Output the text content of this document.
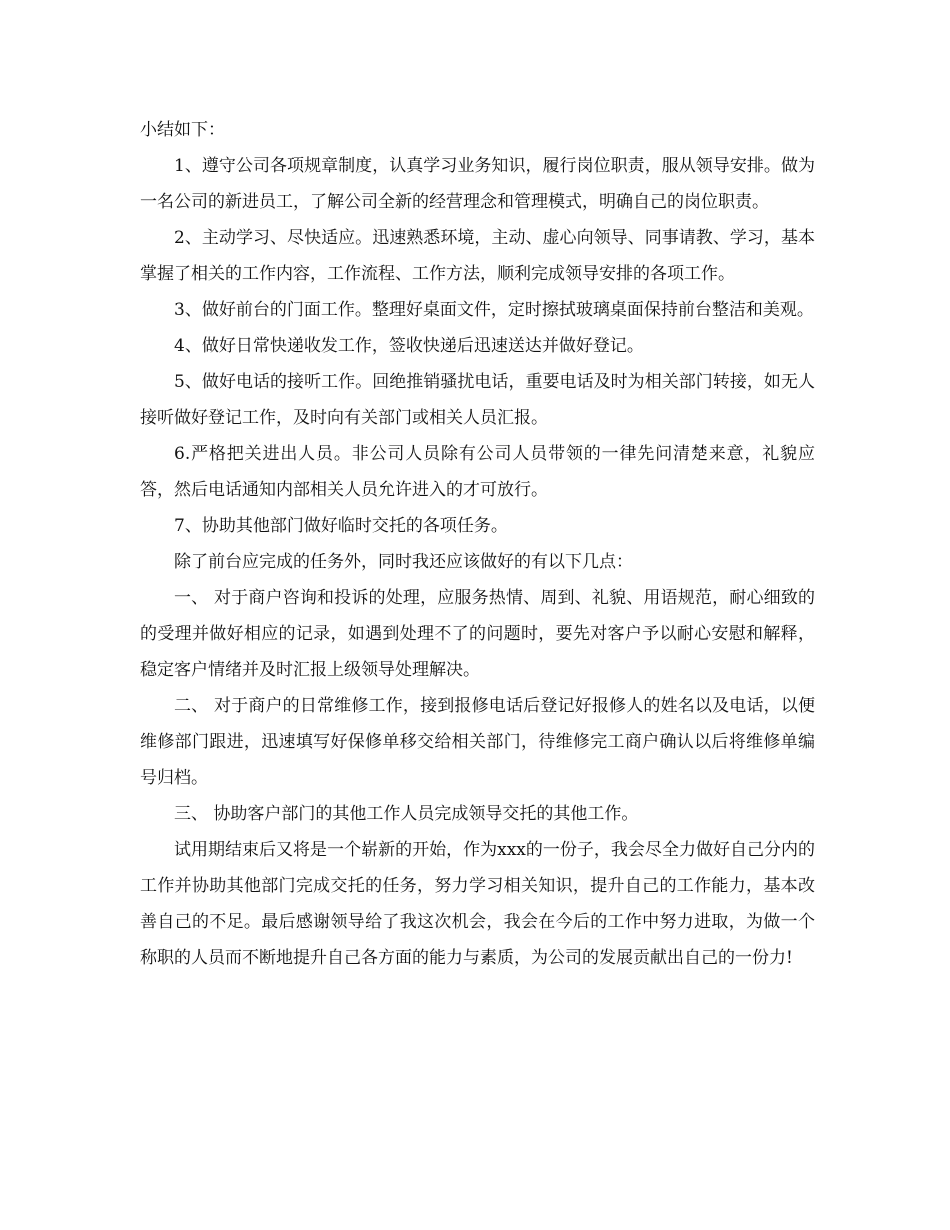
小结如下：

1、遵守公司各项规章制度，认真学习业务知识，履行岗位职责，服从领导安排。做为一名公司的新进员工，了解公司全新的经营理念和管理模式，明确自己的岗位职责。

2、主动学习、尽快适应。迅速熟悉环境，主动、虚心向领导、同事请教、学习，基本掌握了相关的工作内容，工作流程、工作方法，顺利完成领导安排的各项工作。

3、做好前台的门面工作。整理好桌面文件，定时擦拭玻璃桌面保持前台整洁和美观。

4、做好日常快递收发工作，签收快递后迅速送达并做好登记。

5、做好电话的接听工作。回绝推销骚扰电话，重要电话及时为相关部门转接，如无人接听做好登记工作，及时向有关部门或相关人员汇报。

6.严格把关进出人员。非公司人员除有公司人员带领的一律先问清楚来意，礼貌应答，然后电话通知内部相关人员允许进入的才可放行。

7、协助其他部门做好临时交托的各项任务。

除了前台应完成的任务外，同时我还应该做好的有以下几点：

一、 对于商户咨询和投诉的处理，应服务热情、周到、礼貌、用语规范，耐心细致的的受理并做好相应的记录，如遇到处理不了的问题时，要先对客户予以耐心安慰和解释，稳定客户情绪并及时汇报上级领导处理解决。

二、 对于商户的日常维修工作，接到报修电话后登记好报修人的姓名以及电话，以便维修部门跟进，迅速填写好保修单移交给相关部门，待维修完工商户确认以后将维修单编号归档。

三、 协助客户部门的其他工作人员完成领导交托的其他工作。

试用期结束后又将是一个崭新的开始，作为xxx的一份子，我会尽全力做好自己分内的工作并协助其他部门完成交托的任务，努力学习相关知识，提升自己的工作能力，基本改善自己的不足。最后感谢领导给了我这次机会，我会在今后的工作中努力进取，为做一个称职的人员而不断地提升自己各方面的能力与素质，为公司的发展贡献出自己的一份力!
